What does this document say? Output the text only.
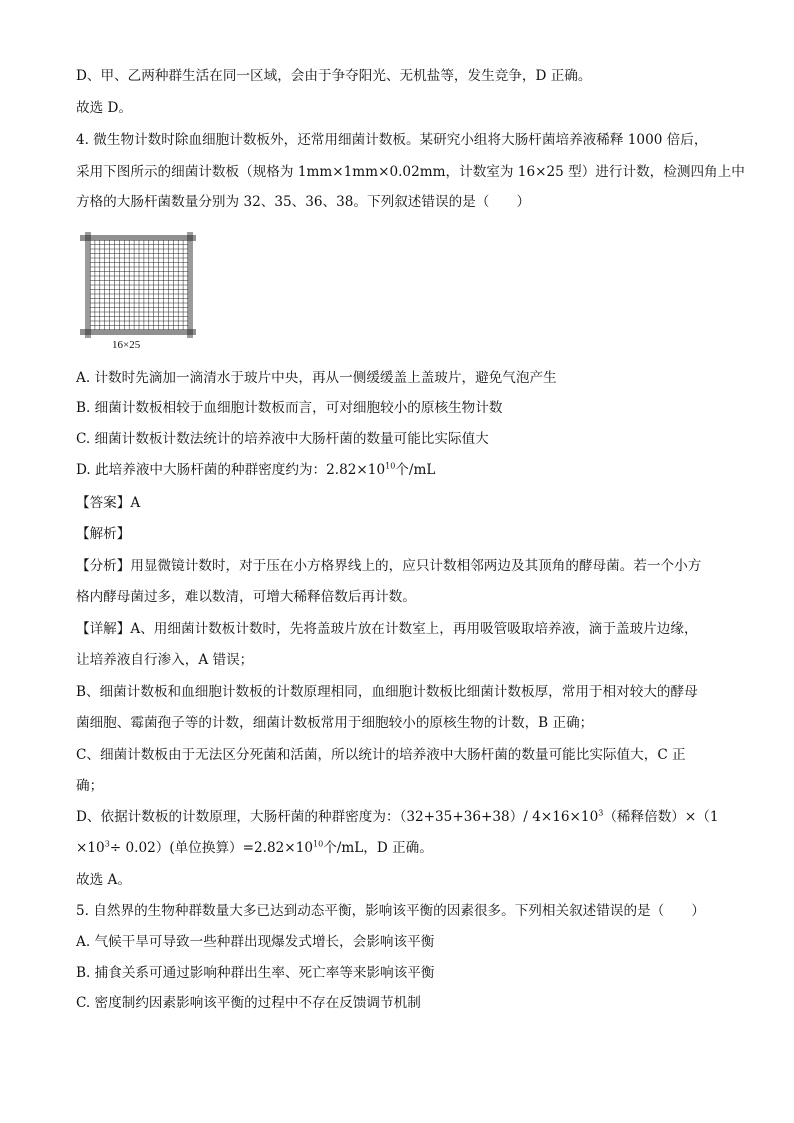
D、甲、乙两种群生活在同一区域，会由于争夺阳光、无机盐等，发生竞争，D 正确。
故选 D。
4. 微生物计数时除血细胞计数板外，还常用细菌计数板。某研究小组将大肠杆菌培养液稀释 1000 倍后，
采用下图所示的细菌计数板（规格为 1mm×1mm×0.02mm，计数室为 16×25 型）进行计数，检测四角上中
方格的大肠杆菌数量分别为 32、35、36、38。下列叙述错误的是（　　）
16×25
A. 计数时先滴加一滴清水于玻片中央，再从一侧缓缓盖上盖玻片，避免气泡产生
B. 细菌计数板相较于血细胞计数板而言，可对细胞较小的原核生物计数
C. 细菌计数板计数法统计的培养液中大肠杆菌的数量可能比实际值大
D. 此培养液中大肠杆菌的种群密度约为：$2.82\times 10^{10}$个/mL
【答案】A
【解析】
【分析】用显微镜计数时，对于压在小方格界线上的，应只计数相邻两边及其顶角的酵母菌。若一个小方
格内酵母菌过多，难以数清，可增大稀释倍数后再计数。
【详解】A、用细菌计数板计数时，先将盖玻片放在计数室上，再用吸管吸取培养液，滴于盖玻片边缘，
让培养液自行渗入，A 错误；
B、细菌计数板和血细胞计数板的计数原理相同，血细胞计数板比细菌计数板厚，常用于相对较大的酵母
菌细胞、霉菌孢子等的计数，细菌计数板常用于细胞较小的原核生物的计数，B 正确；
C、细菌计数板由于无法区分死菌和活菌，所以统计的培养液中大肠杆菌的数量可能比实际值大，C 正
确；
D、依据计数板的计数原理，大肠杆菌的种群密度为：（32+35+36+38）/ $4\times 16\times 10^3$（稀释倍数）×（1
$\times 10^3\div 0.02$）(单位换算）$=2.82\times 10^{10}$个/mL，D 正确。
故选 A。
5. 自然界的生物种群数量大多已达到动态平衡，影响该平衡的因素很多。下列相关叙述错误的是（　　）
A. 气候干旱可导致一些种群出现爆发式增长，会影响该平衡
B. 捕食关系可通过影响种群出生率、死亡率等来影响该平衡
C. 密度制约因素影响该平衡的过程中不存在反馈调节机制
